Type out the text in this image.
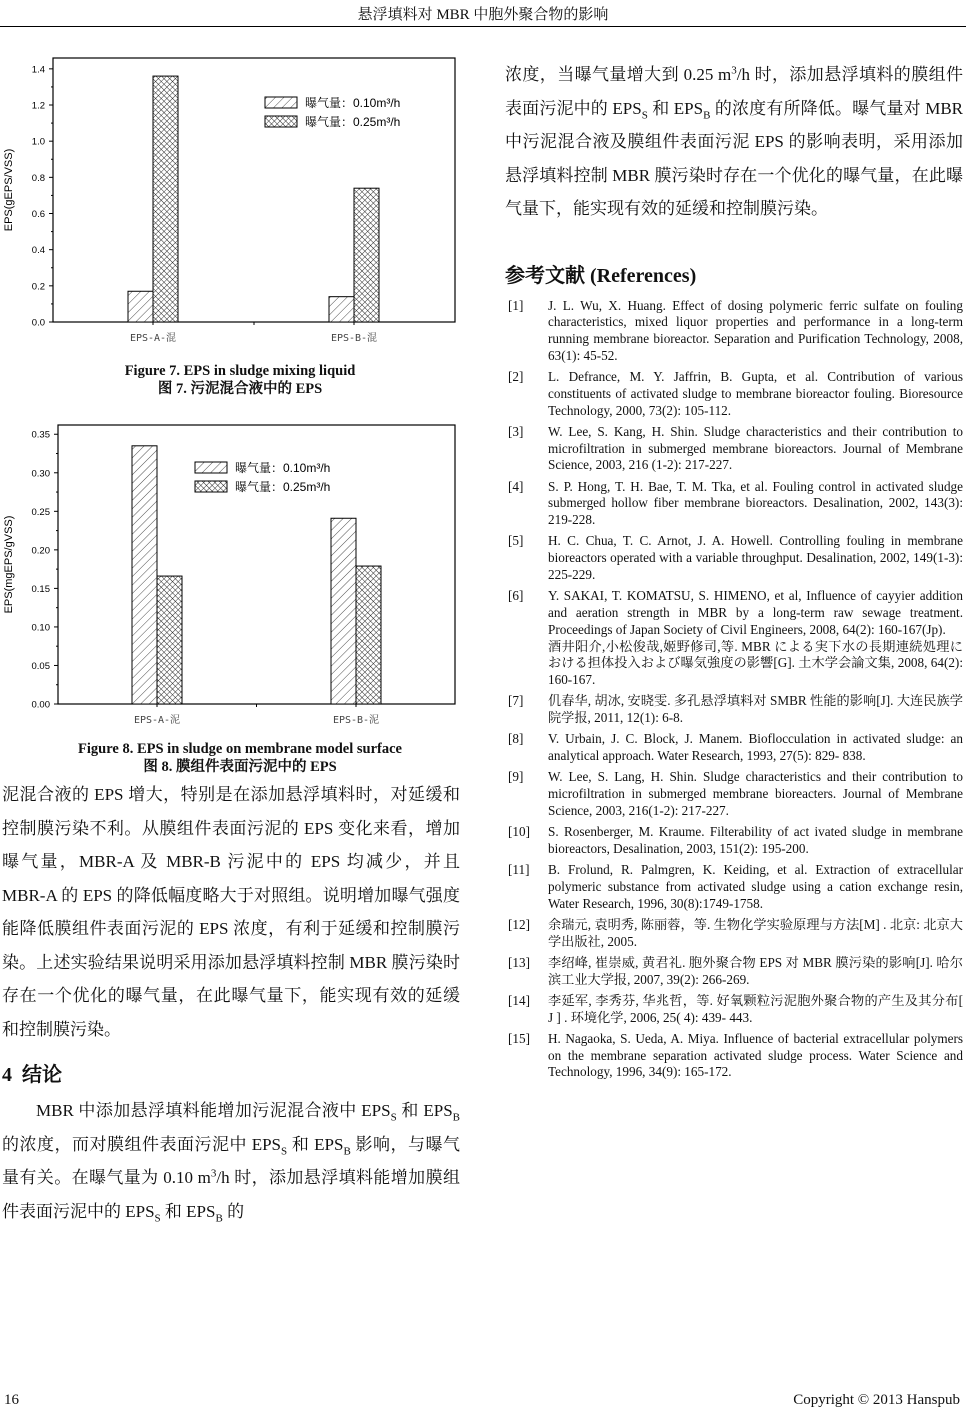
悬浮填料对 MBR 中胞外聚合物的影响
0.0
0.2
0.4
0.6
0.8
1.0
1.2
1.4
EPS(gEPS/VSS)
EPS-A-混	EPS-B-混
曝气量：0.10m³/h
曝气量：0.25m³/h
Figure 7. EPS in sludge mixing liquid
图 7. 污泥混合液中的 EPS
0.00
0.05
0.10
0.15
0.20
0.25
0.30
0.35
EPS(mgEPS/gVSS)
EPS-A-泥	EPS-B-泥
曝气量：0.10m³/h
曝气量：0.25m³/h
Figure 8. EPS in sludge on membrane model surface
图 8. 膜组件表面污泥中的 EPS
泥混合液的 EPS 增大，特别是在添加悬浮填料时，对延缓和控制膜污染不利。从膜组件表面污泥的 EPS 变化来看，增加曝气量，MBR-A 及 MBR-B 污泥中的 EPS 均减少，并且 MBR-A 的 EPS 的降低幅度略大于对照组。说明增加曝气强度能降低膜组件表面污泥的 EPS 浓度，有利于延缓和控制膜污染。上述实验结果说明采用添加悬浮填料控制 MBR 膜污染时存在一个优化的曝气量，在此曝气量下，能实现有效的延缓和控制膜污染。
4 结论
MBR 中添加悬浮填料能增加污泥混合液中 $EPS_S$ 和 $EPS_B$ 的浓度，而对膜组件表面污泥中 $EPS_S$ 和 $EPS_B$ 影响，与曝气量有关。在曝气量为 0.10 $m^3/h$ 时，添加悬浮填料能增加膜组件表面污泥中的 $EPS_S$ 和 $EPS_B$ 的
浓度，当曝气量增大到 0.25 $m^3/h$ 时，添加悬浮填料的膜组件表面污泥中的 $EPS_S$ 和 $EPS_B$ 的浓度有所降低。曝气量对 MBR 中污泥混合液及膜组件表面污泥 EPS 的影响表明，采用添加悬浮填料控制 MBR 膜污染时存在一个优化的曝气量，在此曝气量下，能实现有效的延缓和控制膜污染。
参考文献 (References)
[1]	J. L. Wu, X. Huang. Effect of dosing polymeric ferric sulfate on fouling characteristics, mixed liquor properties and performance in a long-term running membrane bioreactor. Separation and Purification Technology, 2008, 63(1): 45-52.
[2]	L. Defrance, M. Y. Jaffrin, B. Gupta, et al. Contribution of various constituents of activated sludge to membrane bioreactor fouling. Bioresource Technology, 2000, 73(2): 105-112.
[3]	W. Lee, S. Kang, H. Shin. Sludge characteristics and their contribution to microfiltration in submerged membrane bioreactors. Journal of Membrane Science, 2003, 216 (1-2): 217-227.
[4]	S. P. Hong, T. H. Bae, T. M. Tka, et al. Fouling control in activated sludge submerged hollow fiber membrane bioreactors. Desalination, 2002, 143(3): 219-228.
[5]	H. C. Chua, T. C. Arnot, J. A. Howell. Controlling fouling in membrane bioreactors operated with a variable throughput. Desalination, 2002, 149(1-3): 225-229.
[6]	Y. SAKAI, T. KOMATSU, S. HIMENO, et al, Influence of cayyier addition and aeration strength in MBR by a long-term raw sewage treatment. Proceedings of Japan Society of Civil Engineers, 2008, 64(2): 160-167(Jp).
酒井阳介,小松俊哉,姬野修司,等. MBR による実下水の長期連続処理における担体投入および曝気強度の影響[G]. 土木学会論文集, 2008, 64(2): 160-167.
[7]	仉春华, 胡冰, 安晓雯. 多孔悬浮填料对 SMBR 性能的影响[J]. 大连民族学院学报, 2011, 12(1): 6-8.
[8]	V. Urbain, J. C. Block, J. Manem. Bioflocculation in activated sludge: an analytical approach. Water Research, 1993, 27(5): 829- 838.
[9]	W. Lee, S. Lang, H. Shin. Sludge characteristics and their contribution to microfiltration in submerged membrane bioreacters. Journal of Membrane Science, 2003, 216(1-2): 217-227.
[10]	S. Rosenberger, M. Kraume. Filterability of act ivated sludge in membrane bioreactors, Desalination, 2003, 151(2): 195-200.
[11]	B. Frolund, R. Palmgren, K. Keiding, et al. Extraction of extracellular polymeric substance from activated sludge using a cation exchange resin, Water Research, 1996, 30(8):1749-1758.
[12]	余瑞元, 袁明秀, 陈丽蓉，等. 生物化学实验原理与方法[M] . 北京: 北京大学出版社, 2005.
[13]	李绍峰, 崔崇威, 黄君礼. 胞外聚合物 EPS 对 MBR 膜污染的影响[J]. 哈尔滨工业大学报, 2007, 39(2): 266-269.
[14]	李延军, 李秀芬, 华兆哲，等. 好氧颗粒污泥胞外聚合物的产生及其分布[ J ] . 环境化学, 2006, 25( 4): 439- 443.
[15]	H. Nagaoka, S. Ueda, A. Miya. Influence of bacterial extracellular polymers on the membrane separation activated sludge process. Water Science and Technology, 1996, 34(9): 165-172.
16	Copyright © 2013 Hanspub
